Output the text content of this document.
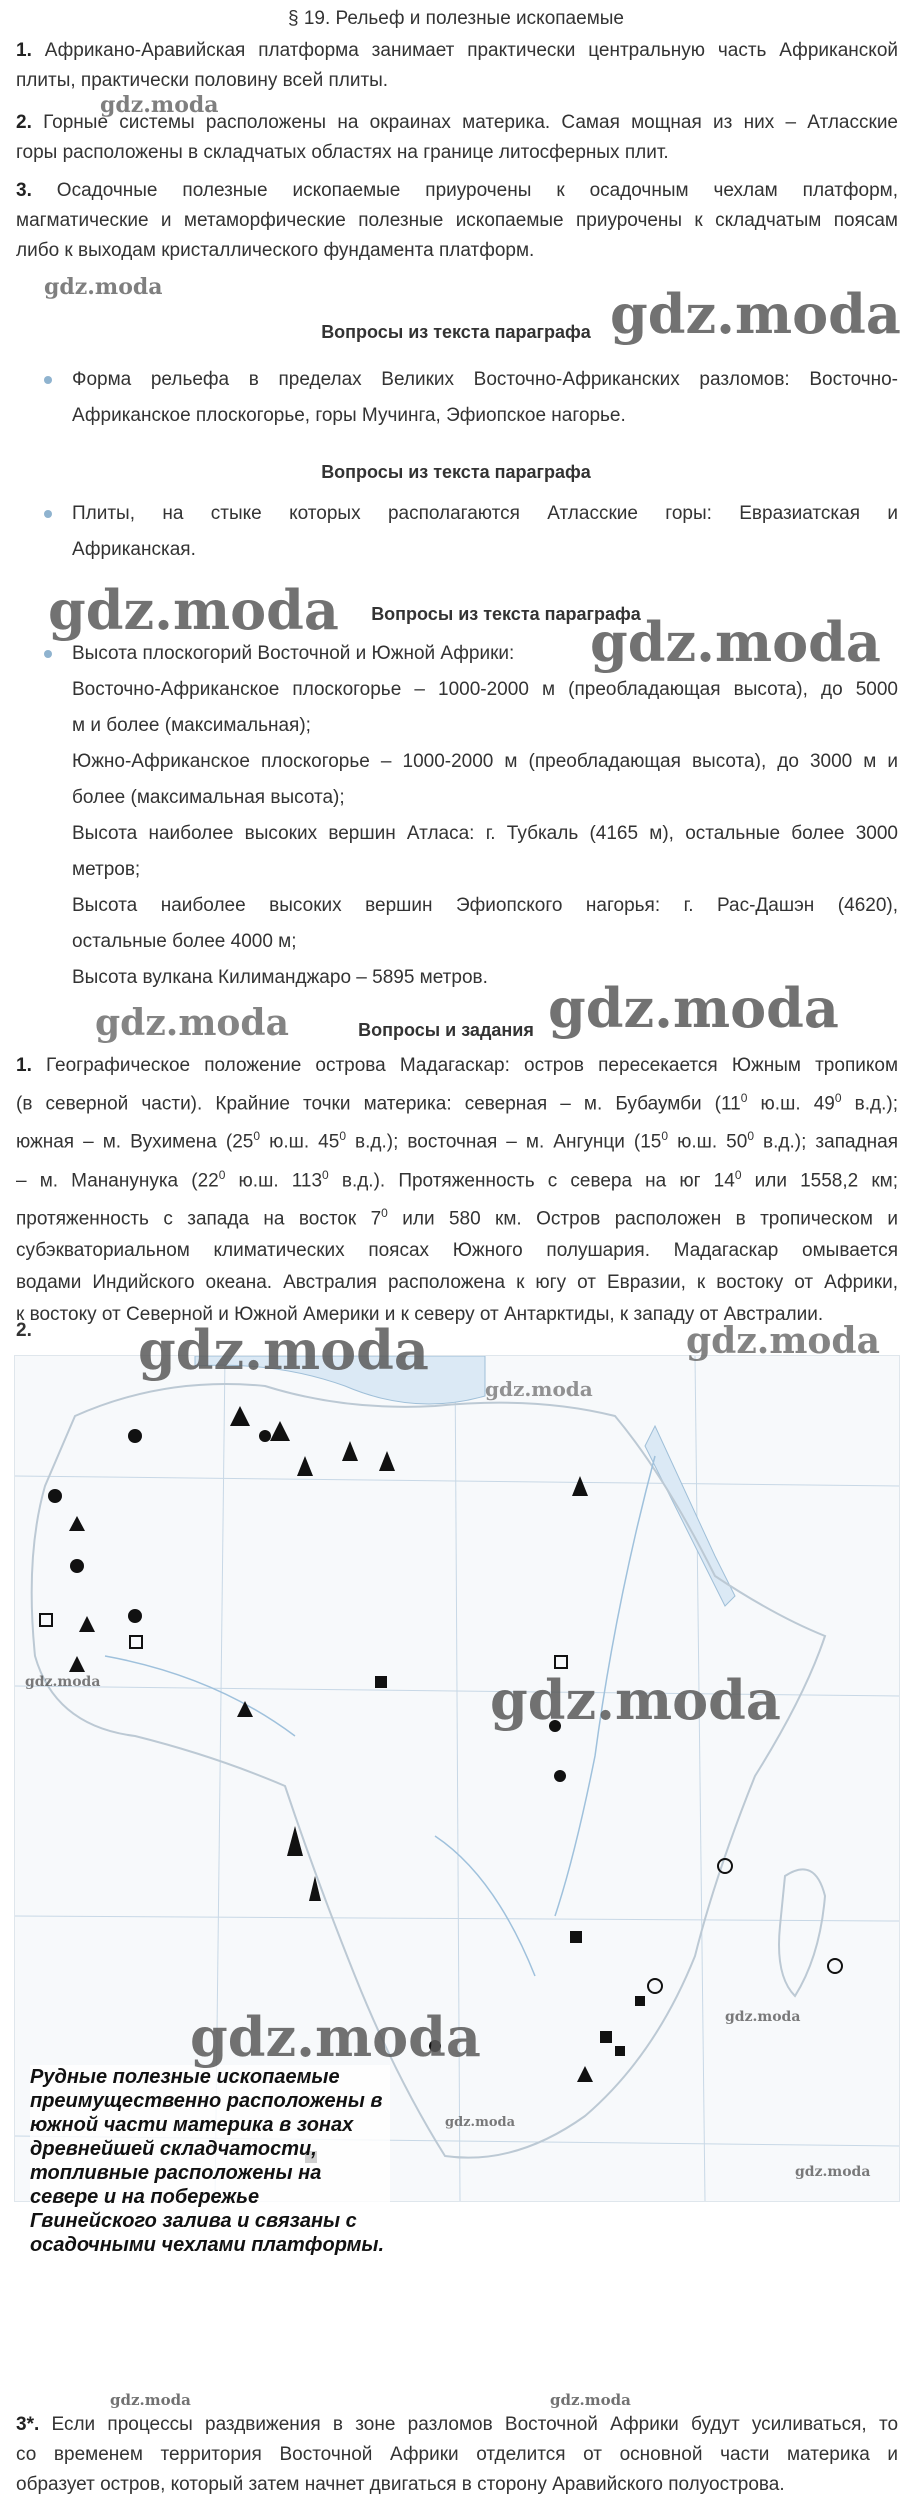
§ 19. Рельеф и полезные ископаемые
1. Африкано-Аравийская платформа занимает практически центральную часть Африканской
плиты, практически половину всей плиты.
2. Горные системы расположены на окраинах материка. Самая мощная из них – Атласские
горы расположены в складчатых областях на границе литосферных плит.
3. Осадочные полезные ископаемые приурочены к осадочным чехлам платформ,
магматические и метаморфические полезные ископаемые приурочены к складчатым поясам
либо к выходам кристаллического фундамента платформ.
Вопросы из текста параграфа
Форма рельефа в пределах Великих Восточно-Африканских разломов: Восточно-
Африканское плоскогорье, горы Мучинга, Эфиопское нагорье.
Вопросы из текста параграфа
Плиты, на стыке которых располагаются Атласские горы: Евразиатская и
Африканская.
Вопросы из текста параграфа
Высота плоскогорий Восточной и Южной Африки:
Восточно-Африканское плоскогорье – 1000-2000 м (преобладающая высота), до 5000
м и более (максимальная);
Южно-Африканское плоскогорье – 1000-2000 м (преобладающая высота), до 3000 м и
более (максимальная высота);
Высота наиболее высоких вершин Атласа: г. Тубкаль (4165 м), остальные более 3000
метров;
Высота наиболее высоких вершин Эфиопского нагорья: г. Рас-Дашэн (4620),
остальные более 4000 м;
Высота вулкана Килиманджаро – 5895 метров.
Вопросы и задания
1. Географическое положение острова Мадагаскар: остров пересекается Южным тропиком
(в северной части). Крайние точки материка: северная – м. Бубаумби ($11^0$ ю.ш. $49^0$ в.д.);
южная – м. Вухимена ($25^0$ ю.ш. $45^0$ в.д.); восточная – м. Ангунци ($15^0$ ю.ш. $50^0$ в.д.); западная
– м. Мананунука ($22^0$ ю.ш. $113^0$ в.д.). Протяженность с севера на юг $14^0$ или 1558,2 км;
протяженность с запада на восток $7^0$ или 580 км. Остров расположен в тропическом и
субэкваториальном климатических поясах Южного полушария. Мадагаскар омывается
водами Индийского океана. Австралия расположена к югу от Евразии, к востоку от Африки,
к востоку от Северной и Южной Америки и к северу от Антарктиды, к западу от Австралии.
2.
gdz.moda
gdz.moda
gdz.moda
gdz.moda
gdz.moda
Рудные полезные ископаемые преимущественно расположены в южной части материка в зонах древнейшей складчатости, топливные расположены на севере и на побережье Гвинейского залива и связаны с осадочными чехлами платформы.
3*. Если процессы раздвижения в зоне разломов Восточной Африки будут усиливаться, то
со временем территория Восточной Африки отделится от основной части материка и
образует остров, который затем начнет двигаться в сторону Аравийского полуострова.
gdz.moda
gdz.moda	gdz.moda
gdz.moda	gdz.moda
gdz.moda	gdz.moda
gdz.moda	gdz.moda
gdz.moda
gdz.moda
gdz.moda	gdz.moda
